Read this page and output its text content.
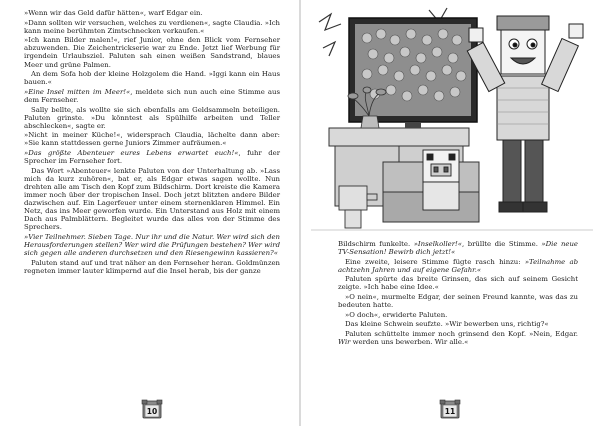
»Wenn wir das Geld dafür hätten«, warf Edgar ein.

»Dann sollten wir versuchen, welches zu verdienen«, sagte Claudia. »Ich kann meine berühmten Zimtschnecken verkaufen.«

»Ich kann Bilder malen!«, rief Junior, ohne den Blick vom Fernseher abzuwenden. Die Zeichentrickserie war zu Ende. Jetzt lief Werbung für irgendein Urlaubsziel. Paluten sah einen weißen Sandstrand, blaues Meer und grüne Palmen.

An dem Sofa hob der kleine Holzgolem die Hand. »Iggi kann ein Haus bauen.«

»Eine Insel mitten im Meer!«, meldete sich nun auch eine Stimme aus dem Fernseher.

Sally bellte, als wollte sie sich ebenfalls am Geldsammeln beteiligen. Paluten grinste. »Du könntest als Spülhilfe arbeiten und Teller abschlecken«, sagte er.

»Nicht in meiner Küche!«, widersprach Claudia, lächelte dann aber: »Sie kann stattdessen gerne Juniors Zimmer aufräumen.«

»Das größte Abenteuer eures Lebens erwartet euch!«, fuhr der Sprecher im Fernseher fort.

Das Wort »Abenteuer« lenkte Paluten von der Unterhaltung ab. »Lass mich da kurz zuhören«, bat er, als Edgar etwas sagen wollte. Nun drehten alle am Tisch den Kopf zum Bildschirm. Dort kreiste die Kamera immer noch über der tropischen Insel. Doch jetzt blitzten andere Bilder dazwischen auf. Ein Lagerfeuer unter einem sternenklaren Himmel. Ein Netz, das ins Meer geworfen wurde. Ein Unterstand aus Holz mit einem Dach aus Palmblättern. Begleitet wurde das alles von der Stimme des Sprechers.

»Vier Teilnehmer. Sieben Tage. Nur ihr und die Natur. Wer wird sich den Herausforderungen stellen? Wer wird die Prüfungen bestehen? Wer wird sich gegen alle anderen durchsetzen und den Riesengewinn kassieren?«

Paluten stand auf und trat näher an den Fernseher heran. Goldmünzen regneten immer lauter klimpernd auf die Insel herab, bis der ganze

10

Bildschirm funkelte. »Inselkoller!«, brüllte die Stimme. »Die neue TV-Sensation! Bewirb dich jetzt!«

Eine zweite, leisere Stimme fügte rasch hinzu: »Teilnahme ab achtzehn Jahren und auf eigene Gefahr.«

Paluten spürte das breite Grinsen, das sich auf seinem Gesicht zeigte. »Ich habe eine Idee.«

»O nein«, murmelte Edgar, der seinen Freund kannte, was das zu bedeuten hatte.

»O doch«, erwiderte Paluten.

Das kleine Schwein seufzte. »Wir bewerben uns, richtig?«

Paluten schüttelte immer noch grinsend den Kopf. »Nein, Edgar. Wir werden uns bewerben. Wir alle.«

11
